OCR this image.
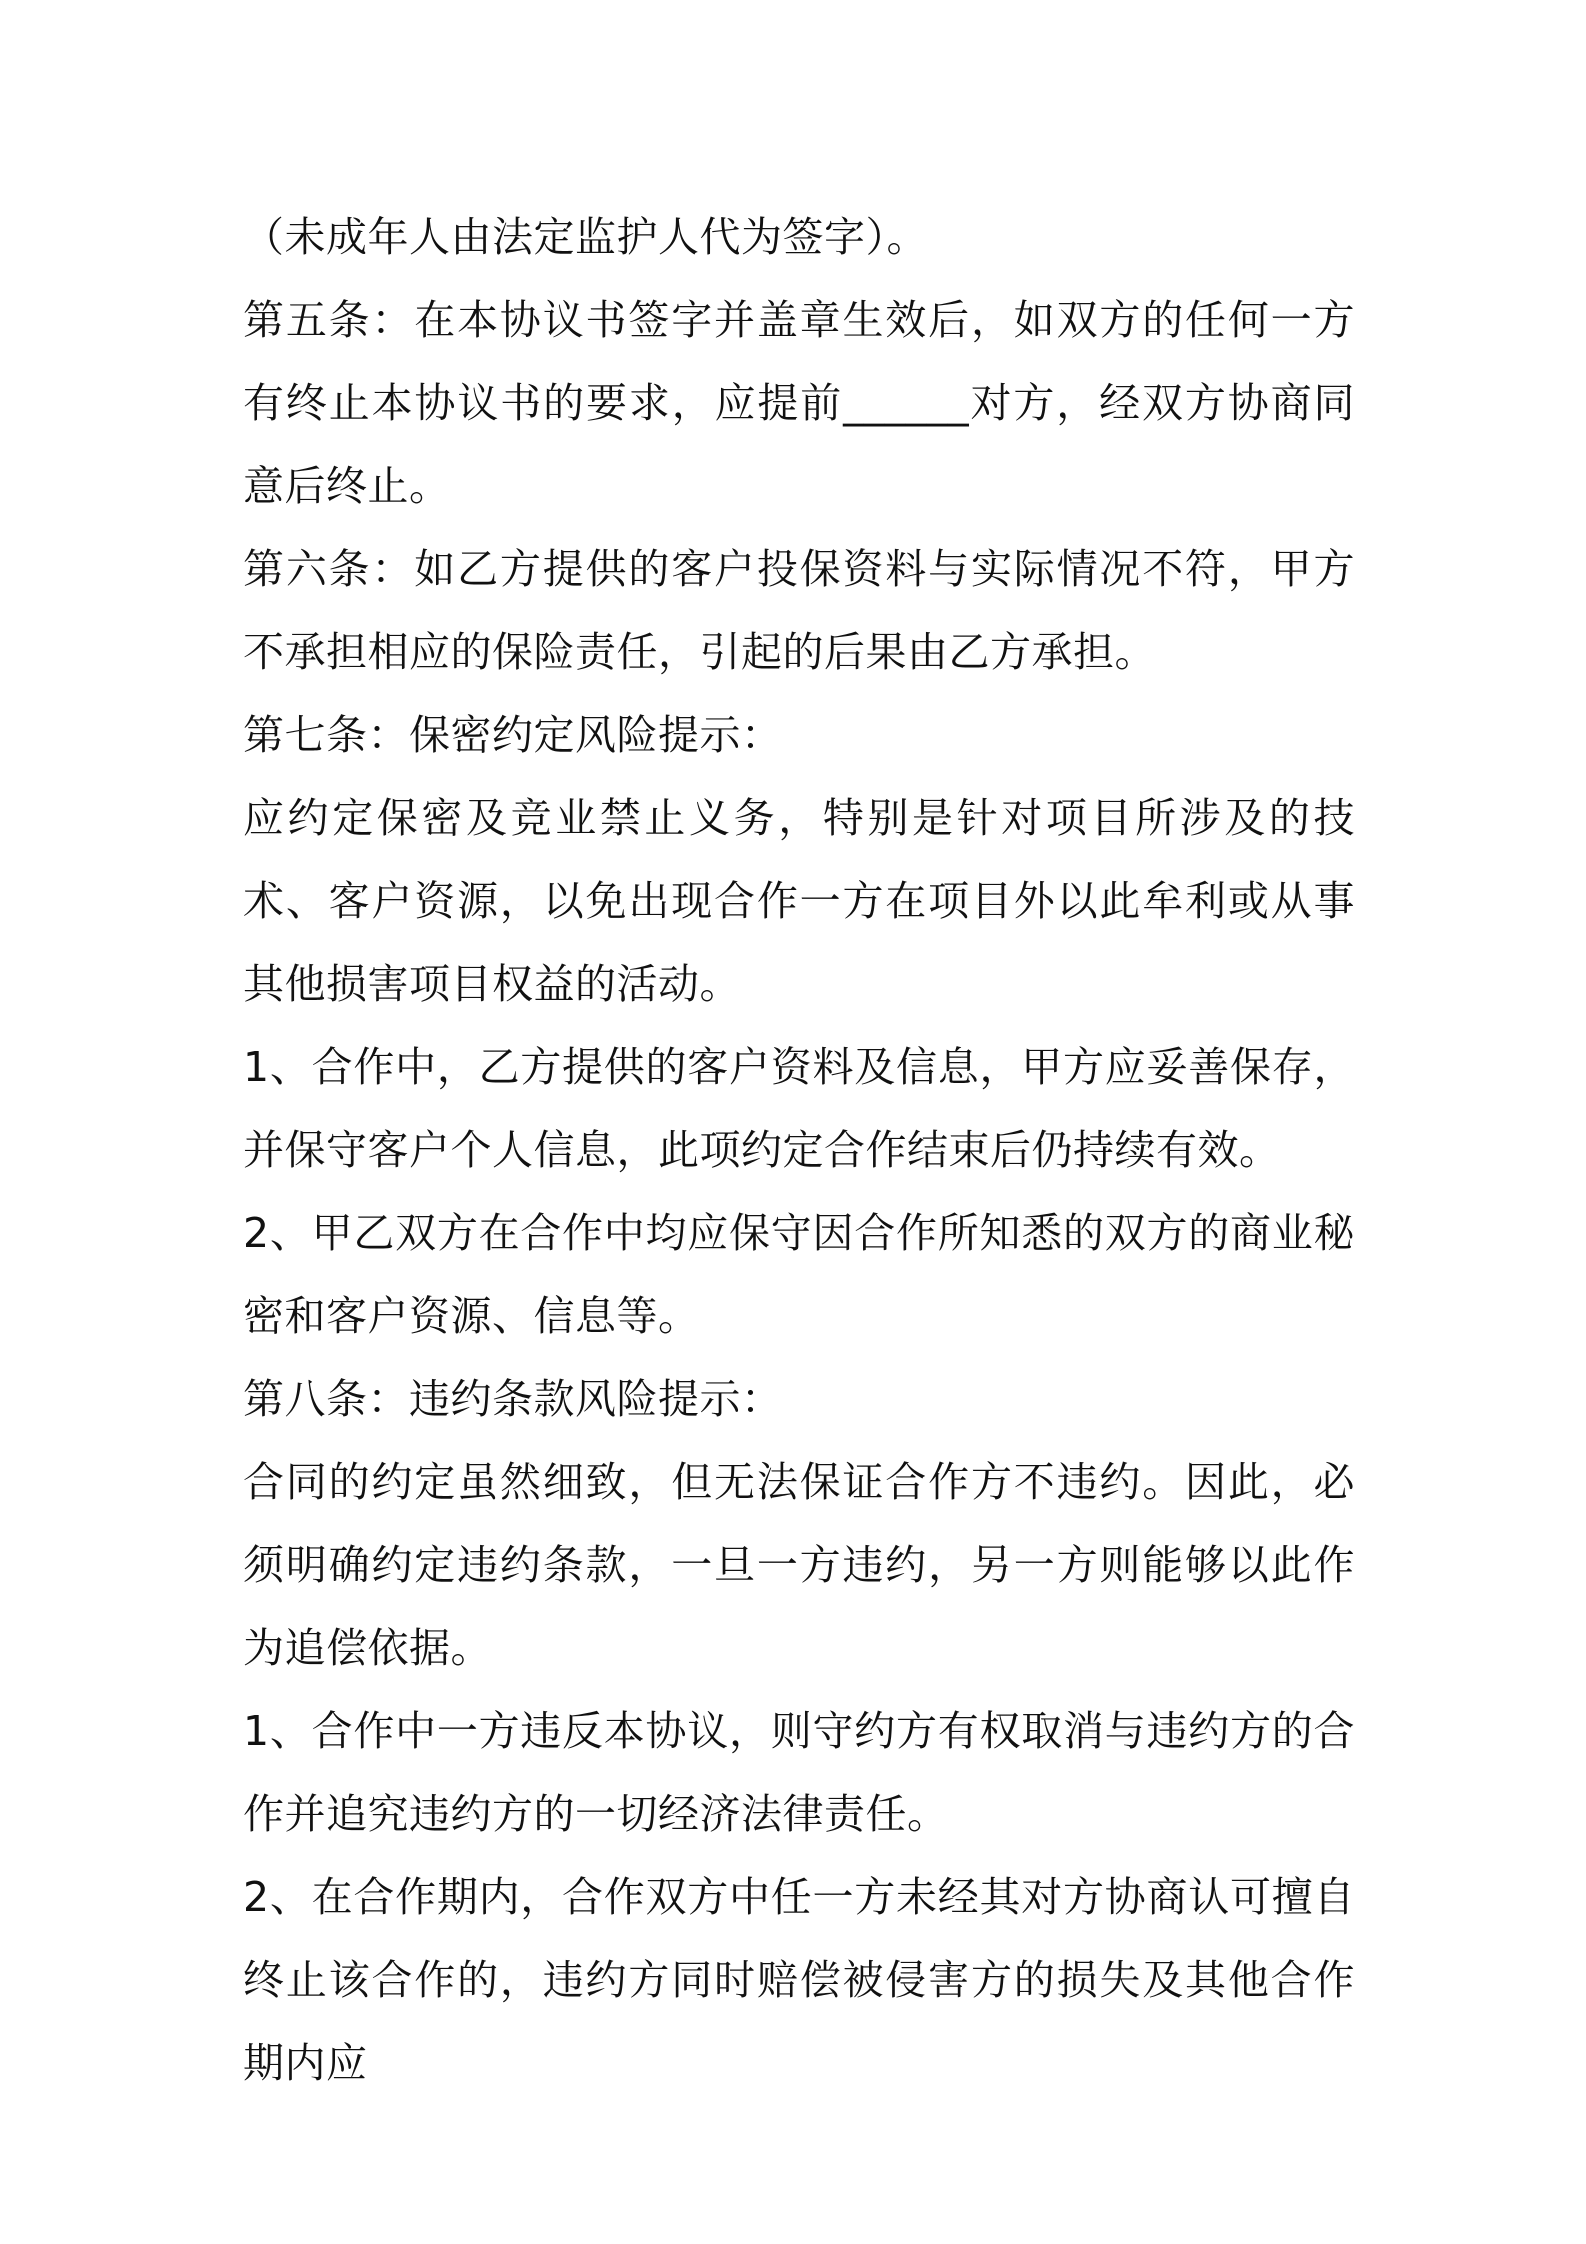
（未成年人由法定监护人代为签字）。

第五条：在本协议书签字并盖章生效后，如双方的任何一方有终止本协议书的要求，应提前______对方，经双方协商同意后终止。

第六条：如乙方提供的客户投保资料与实际情况不符，甲方不承担相应的保险责任，引起的后果由乙方承担。

第七条：保密约定风险提示：

应约定保密及竞业禁止义务，特别是针对项目所涉及的技术、客户资源，以免出现合作一方在项目外以此牟利或从事其他损害项目权益的活动。

1、合作中，乙方提供的客户资料及信息，甲方应妥善保存，并保守客户个人信息，此项约定合作结束后仍持续有效。

2、甲乙双方在合作中均应保守因合作所知悉的双方的商业秘密和客户资源、信息等。

第八条：违约条款风险提示：

合同的约定虽然细致，但无法保证合作方不违约。因此，必须明确约定违约条款，一旦一方违约，另一方则能够以此作为追偿依据。

1、合作中一方违反本协议，则守约方有权取消与违约方的合作并追究违约方的一切经济法律责任。

2、在合作期内，合作双方中任一方未经其对方协商认可擅自终止该合作的，违约方同时赔偿被侵害方的损失及其他合作期内应
